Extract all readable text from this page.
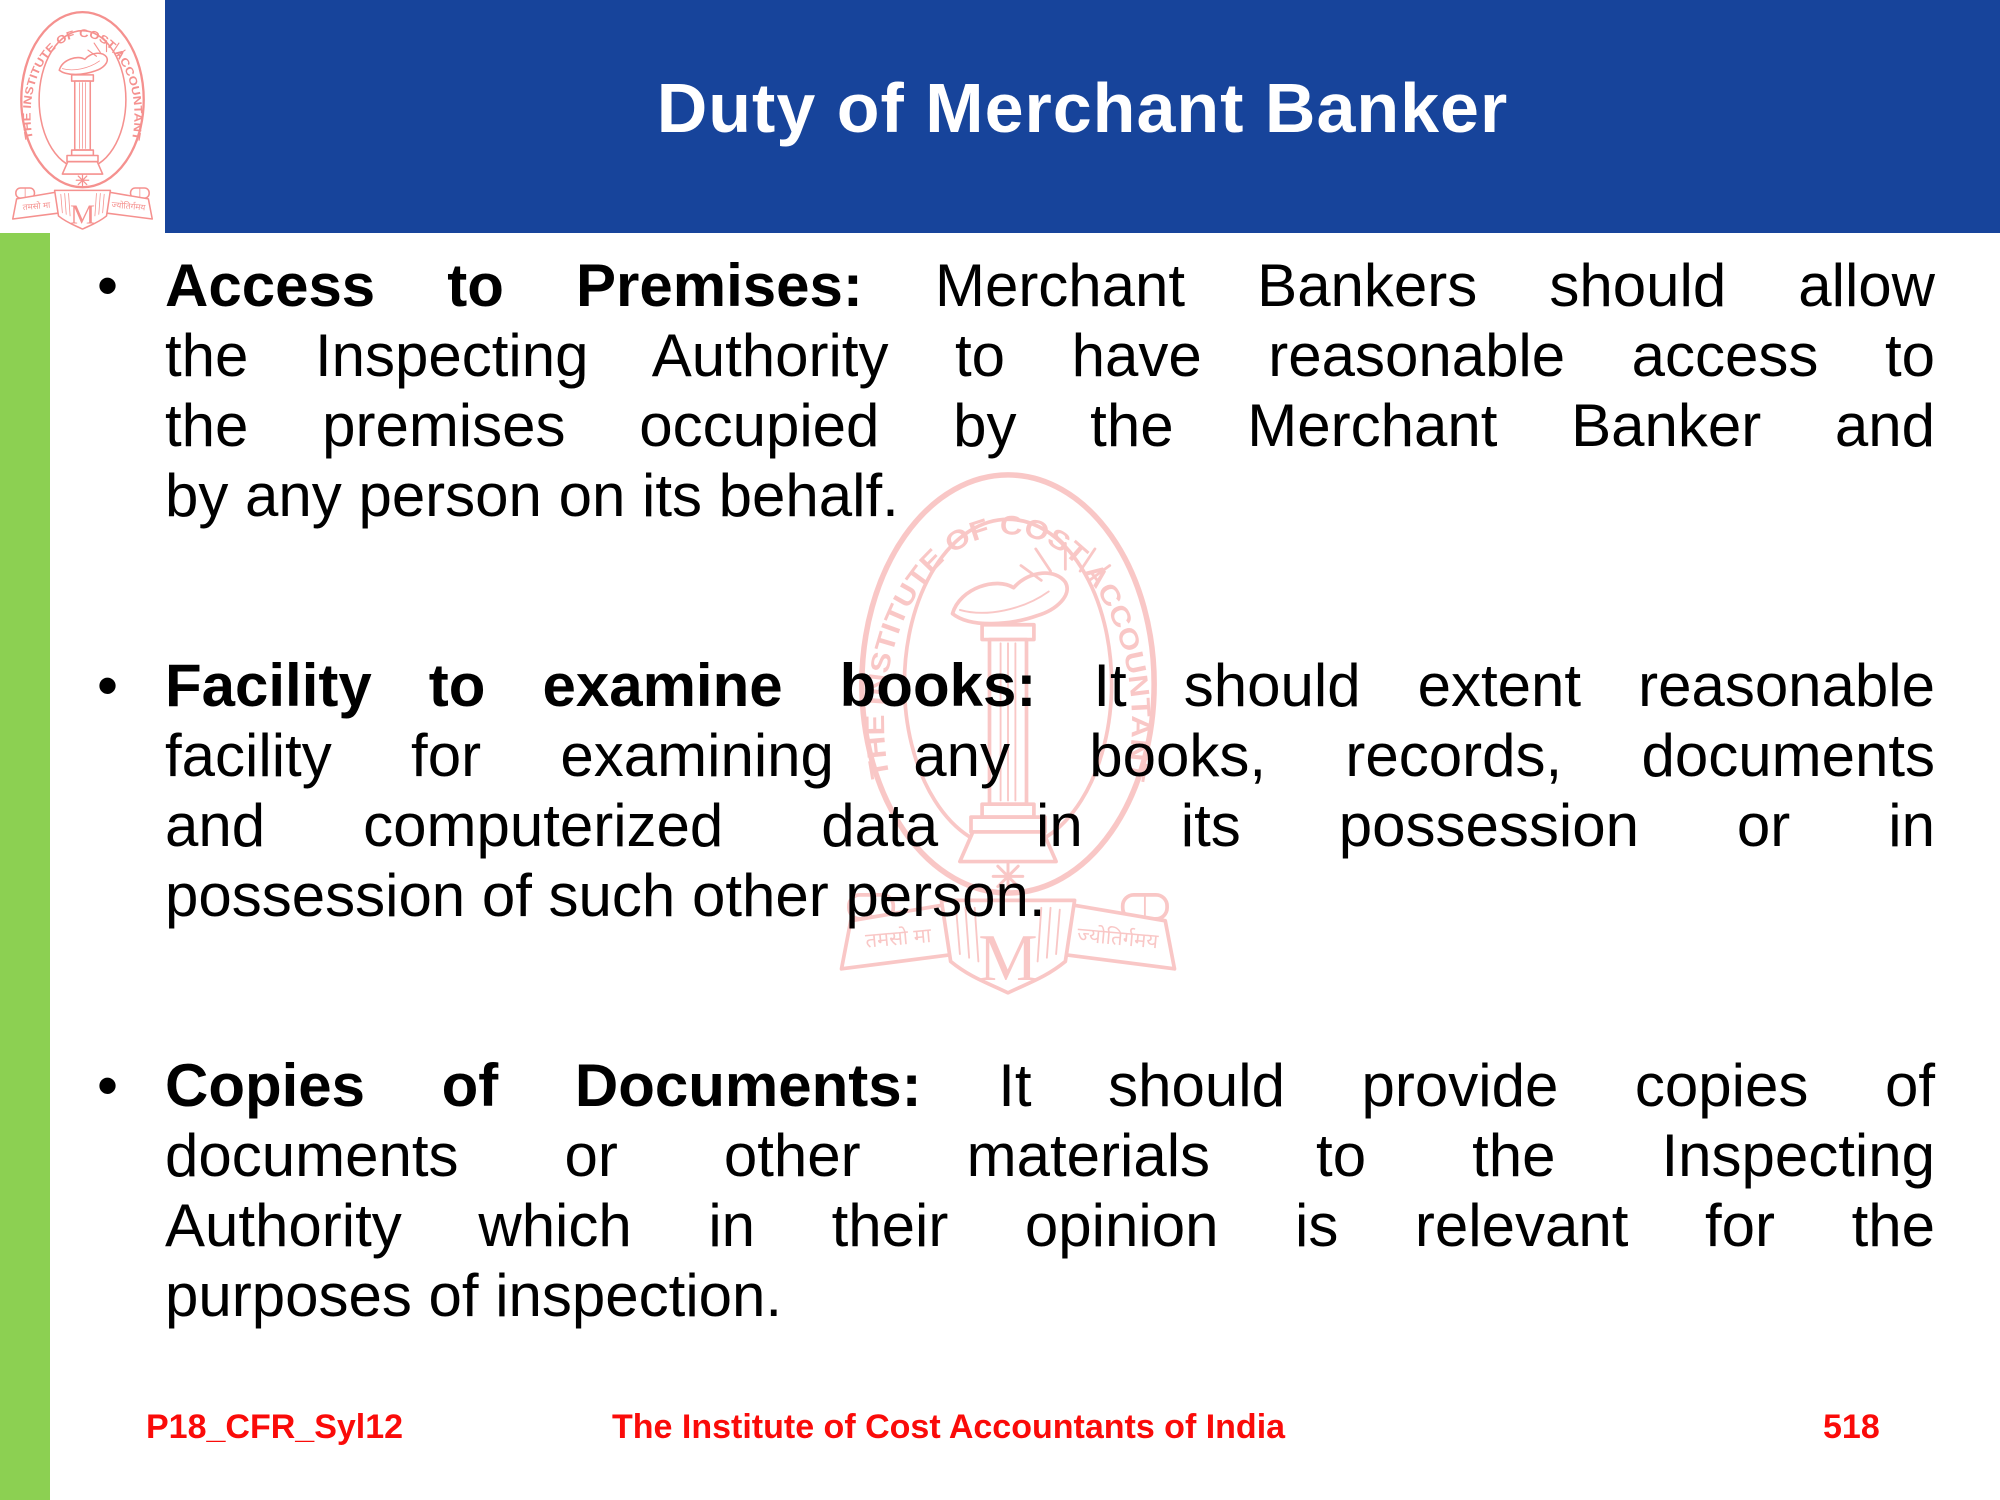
Duty of Merchant Banker
• Access to Premises: Merchant Bankers should allow
the Inspecting Authority to have reasonable access to
the premises occupied by the Merchant Banker and
by any person on its behalf.
• Facility to examine books: It should extent reasonable
facility for examining any books, records, documents
and computerized data in its possession or in
possession of such other person.
• Copies of Documents: It should provide copies of
documents or other materials to the Inspecting
Authority which in their opinion is relevant for the
purposes of inspection.
P18_CFR_Syl12	The Institute of Cost Accountants of India	518
